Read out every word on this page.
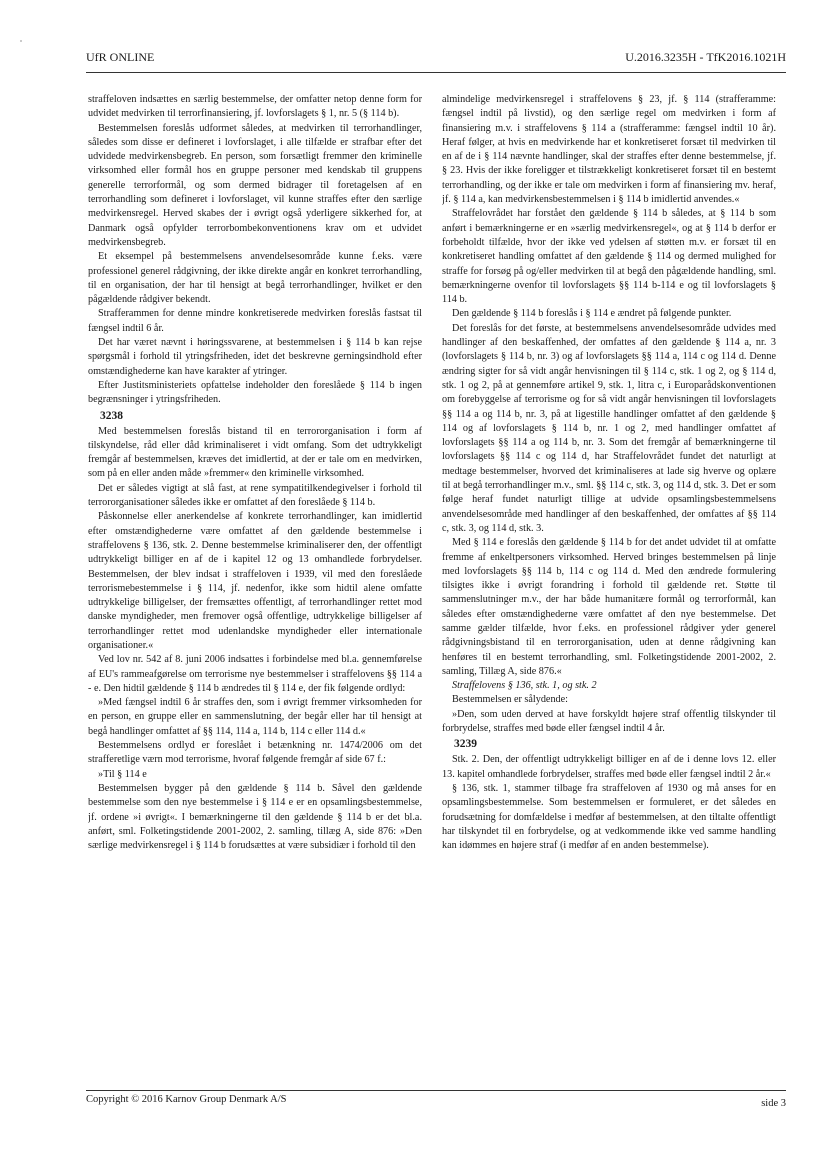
UfR ONLINE	U.2016.3235H - TfK2016.1021H

straffeloven indsættes en særlig bestemmelse, der omfatter netop denne form for udvidet medvirken til terrorfinansiering, jf. lovforslagets § 1, nr. 5 (§ 114 b).

Bestemmelsen foreslås udformet således, at medvirken til terrorhandlinger, således som disse er defineret i lovforslaget, i alle tilfælde er strafbar efter det udvidede medvirkensbegreb. En person, som forsætligt fremmer den kriminelle virksomhed eller formål hos en gruppe personer med kendskab til gruppens generelle terrorformål, og som dermed bidrager til foretagelsen af en terrorhandling som defineret i lovforslaget, vil kunne straffes efter den særlige medvirkensregel. Herved skabes der i øvrigt også yderligere sikkerhed for, at Danmark også opfylder terrorbombekonventionens krav om et udvidet medvirkensbegreb.

Et eksempel på bestemmelsens anvendelsesområde kunne f.eks. være professionel generel rådgivning, der ikke direkte angår en konkret terrorhandling, til en organisation, der har til hensigt at begå terrorhandlinger, hvilket er den pågældende rådgiver bekendt.

Strafferammen for denne mindre konkretiserede medvirken foreslås fastsat til fængsel indtil 6 år.

Det har været nævnt i høringssvarene, at bestemmelsen i § 114 b kan rejse spørgsmål i forhold til ytringsfriheden, idet det beskrevne gerningsindhold efter omstændighederne kan have karakter af ytringer.

Efter Justitsministeriets opfattelse indeholder den foreslåede § 114 b ingen begrænsninger i ytringsfriheden.

3238

Med bestemmelsen foreslås bistand til en terrororganisation i form af tilskyndelse, råd eller dåd kriminaliseret i vidt omfang. Som det udtrykkeligt fremgår af bestemmelsen, kræves det imidlertid, at der er tale om en medvirken, som på en eller anden måde »fremmer« den kriminelle virksomhed.

Det er således vigtigt at slå fast, at rene sympatitilkendegivelser i forhold til terrororganisationer således ikke er omfattet af den foreslåede § 114 b.

Påskonnelse eller anerkendelse af konkrete terrorhandlinger, kan imidlertid efter omstændighederne være omfattet af den gældende bestemmelse i straffelovens § 136, stk. 2. Denne bestemmelse kriminaliserer den, der offentligt udtrykkeligt billiger en af de i kapitel 12 og 13 omhandlede forbrydelser. Bestemmelsen, der blev indsat i straffeloven i 1939, vil med den foreslåede terrorismebestemmelse i § 114, jf. nedenfor, ikke som hidtil alene omfatte udtrykkelige billigelser, der fremsættes offentligt, af terrorhandlinger rettet mod danske myndigheder, men fremover også offentlige, udtrykkelige billigelser af terrorhandlinger rettet mod udenlandske myndigheder eller internationale organisationer.«

Ved lov nr. 542 af 8. juni 2006 indsattes i forbindelse med bl.a. gennemførelse af EU's rammeafgørelse om terrorisme nye bestemmelser i straffelovens §§ 114 a - e. Den hidtil gældende § 114 b ændredes til § 114 e, der fik følgende ordlyd:

»Med fængsel indtil 6 år straffes den, som i øvrigt fremmer virksomheden for en person, en gruppe eller en sammenslutning, der begår eller har til hensigt at begå handlinger omfattet af §§ 114, 114 a, 114 b, 114 c eller 114 d.«

Bestemmelsens ordlyd er foreslået i betænkning nr. 1474/2006 om det strafferetlige værn mod terrorisme, hvoraf følgende fremgår af side 67 f.:

»Til § 114 e

Bestemmelsen bygger på den gældende § 114 b. Såvel den gældende bestemmelse som den nye bestemmelse i § 114 e er en opsamlingsbestemmelse, jf. ordene »i øvrigt«. I bemærkningerne til den gældende § 114 b er det bl.a. anført, sml. Folketingstidende 2001-2002, 2. samling, tillæg A, side 876: »Den særlige medvirkensregel i § 114 b forudsættes at være subsidiær i forhold til den

almindelige medvirkensregel i straffelovens § 23, jf. § 114 (strafferamme: fængsel indtil på livstid), og den særlige regel om medvirken i form af finansiering m.v. i straffelovens § 114 a (strafferamme: fængsel indtil 10 år). Heraf følger, at hvis en medvirkende har et konkretiseret forsæt til medvirken til en af de i § 114 nævnte handlinger, skal der straffes efter denne bestemmelse, jf. § 23. Hvis der ikke foreligger et tilstrækkeligt konkretiseret forsæt til en bestemt terrorhandling, og der ikke er tale om medvirken i form af finansiering mv. heraf, jf. § 114 a, kan medvirkensbestemmelsen i § 114 b imidlertid anvendes.«

Straffelovrådet har forstået den gældende § 114 b således, at § 114 b som anført i bemærkningerne er en »særlig medvirkensregel«, og at § 114 b derfor er forbeholdt tilfælde, hvor der ikke ved ydelsen af støtten m.v. er forsæt til en konkretiseret handling omfattet af den gældende § 114 og dermed mulighed for straffe for forsøg på og/eller medvirken til at begå den pågældende handling, sml. bemærkningerne ovenfor til lovforslagets §§ 114 b-114 e og til lovforslagets § 114 b.

Den gældende § 114 b foreslås i § 114 e ændret på følgende punkter.

Det foreslås for det første, at bestemmelsens anvendelsesområde udvides med handlinger af den beskaffenhed, der omfattes af den gældende § 114 a, nr. 3 (lovforslagets § 114 b, nr. 3) og af lovforslagets §§ 114 a, 114 c og 114 d. Denne ændring sigter for så vidt angår henvisningen til § 114 c, stk. 1 og 2, og § 114 d, stk. 1 og 2, på at gennemføre artikel 9, stk. 1, litra c, i Europarådskonventionen om forebyggelse af terrorisme og for så vidt angår henvisningen til lovforslagets §§ 114 a og 114 b, nr. 3, på at ligestille handlinger omfattet af den gældende § 114 og af lovforslagets § 114 b, nr. 1 og 2, med handlinger omfattet af lovforslagets §§ 114 a og 114 b, nr. 3. Som det fremgår af bemærkningerne til lovforslagets §§ 114 c og 114 d, har Straffelovrådet fundet det naturligt at medtage bestemmelser, hvorved det kriminaliseres at lade sig hverve og oplære til at begå terrorhandlinger m.v., sml. §§ 114 c, stk. 3, og 114 d, stk. 3. Det er som følge heraf fundet naturligt tillige at udvide opsamlingsbestemmelsens anvendelsesområde med handlinger af den beskaffenhed, der omfattes af §§ 114 c, stk. 3, og 114 d, stk. 3.

Med § 114 e foreslås den gældende § 114 b for det andet udvidet til at omfatte fremme af enkeltpersoners virksomhed. Herved bringes bestemmelsen på linje med lovforslagets §§ 114 b, 114 c og 114 d. Med den ændrede formulering tilsigtes ikke i øvrigt forandring i forhold til gældende ret. Støtte til sammenslutninger m.v., der har både humanitære formål og terrorformål, kan således efter omstændighederne være omfattet af den nye bestemmelse. Det samme gælder tilfælde, hvor f.eks. en professionel rådgiver yder generel rådgivningsbistand til en terrororganisation, uden at denne rådgivning kan henføres til en bestemt terrorhandling, sml. Folketingstidende 2001-2002, 2. samling, Tillæg A, side 876.«

Straffelovens § 136, stk. 1, og stk. 2

Bestemmelsen er sålydende:

»Den, som uden derved at have forskyldt højere straf offentlig tilskynder til forbrydelse, straffes med bøde eller fængsel indtil 4 år.

3239

Stk. 2. Den, der offentligt udtrykkeligt billiger en af de i denne lovs 12. eller 13. kapitel omhandlede forbrydelser, straffes med bøde eller fængsel indtil 2 år.«

§ 136, stk. 1, stammer tilbage fra straffeloven af 1930 og må anses for en opsamlingsbestemmelse. Som bestemmelsen er formuleret, er det således en forudsætning for domfældelse i medfør af bestemmelsen, at den tiltalte offentligt har tilskyndet til en forbrydelse, og at vedkommende ikke ved samme handling kan idømmes en højere straf (i medfør af en anden bestemmelse).

Copyright © 2016 Karnov Group Denmark A/S	side 3
